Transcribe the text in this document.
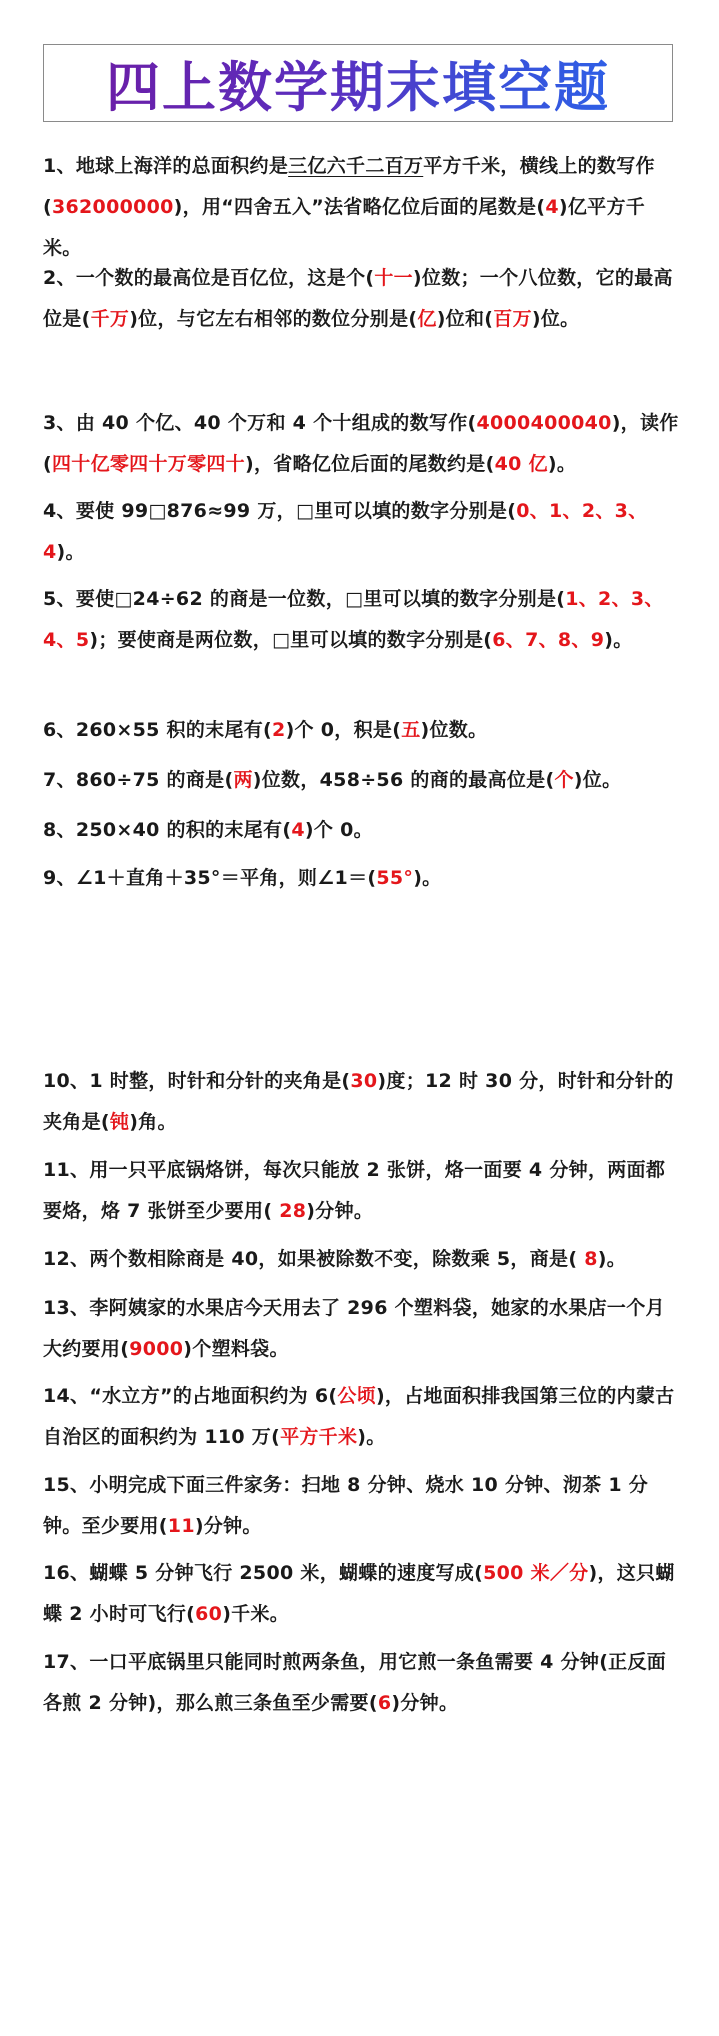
四上数学期末填空题
1、地球上海洋的总面积约是三亿六千二百万平方千米，横线上的数写作(362000000)，用“四舍五入”法省略亿位后面的尾数是(4)亿平方千米。
2、一个数的最高位是百亿位，这是个(十一)位数；一个八位数，它的最高位是(千万)位，与它左右相邻的数位分别是(亿)位和(百万)位。
3、由 40 个亿、40 个万和 4 个十组成的数写作(4000400040)，读作(四十亿零四十万零四十)，省略亿位后面的尾数约是(40 亿)。
4、要使 99□876≈99 万，□里可以填的数字分别是(0、1、2、3、4)。
5、要使□24÷62 的商是一位数，□里可以填的数字分别是(1、2、3、4、5)；要使商是两位数，□里可以填的数字分别是(6、7、8、9)。
6、260×55 积的末尾有(2)个 0，积是(五)位数。
7、860÷75 的商是(两)位数，458÷56 的商的最高位是(个)位。
8、250×40 的积的末尾有(4)个 0。
9、∠1＋直角＋35°＝平角，则∠1＝(55°)。
10、1 时整，时针和分针的夹角是(30)度；12 时 30 分，时针和分针的夹角是(钝)角。
11、用一只平底锅烙饼，每次只能放 2 张饼，烙一面要 4 分钟，两面都要烙，烙 7 张饼至少要用( 28)分钟。
12、两个数相除商是 40，如果被除数不变，除数乘 5，商是( 8)。
13、李阿姨家的水果店今天用去了 296 个塑料袋，她家的水果店一个月大约要用(9000)个塑料袋。
14、“水立方”的占地面积约为 6(公顷)，占地面积排我国第三位的内蒙古自治区的面积约为 110 万(平方千米)。
15、小明完成下面三件家务：扫地 8 分钟、烧水 10 分钟、沏茶 1 分钟。至少要用(11)分钟。
16、蝴蝶 5 分钟飞行 2500 米，蝴蝶的速度写成(500 米／分)，这只蝴蝶 2 小时可飞行(60)千米。
17、一口平底锅里只能同时煎两条鱼，用它煎一条鱼需要 4 分钟(正反面各煎 2 分钟)，那么煎三条鱼至少需要(6)分钟。
